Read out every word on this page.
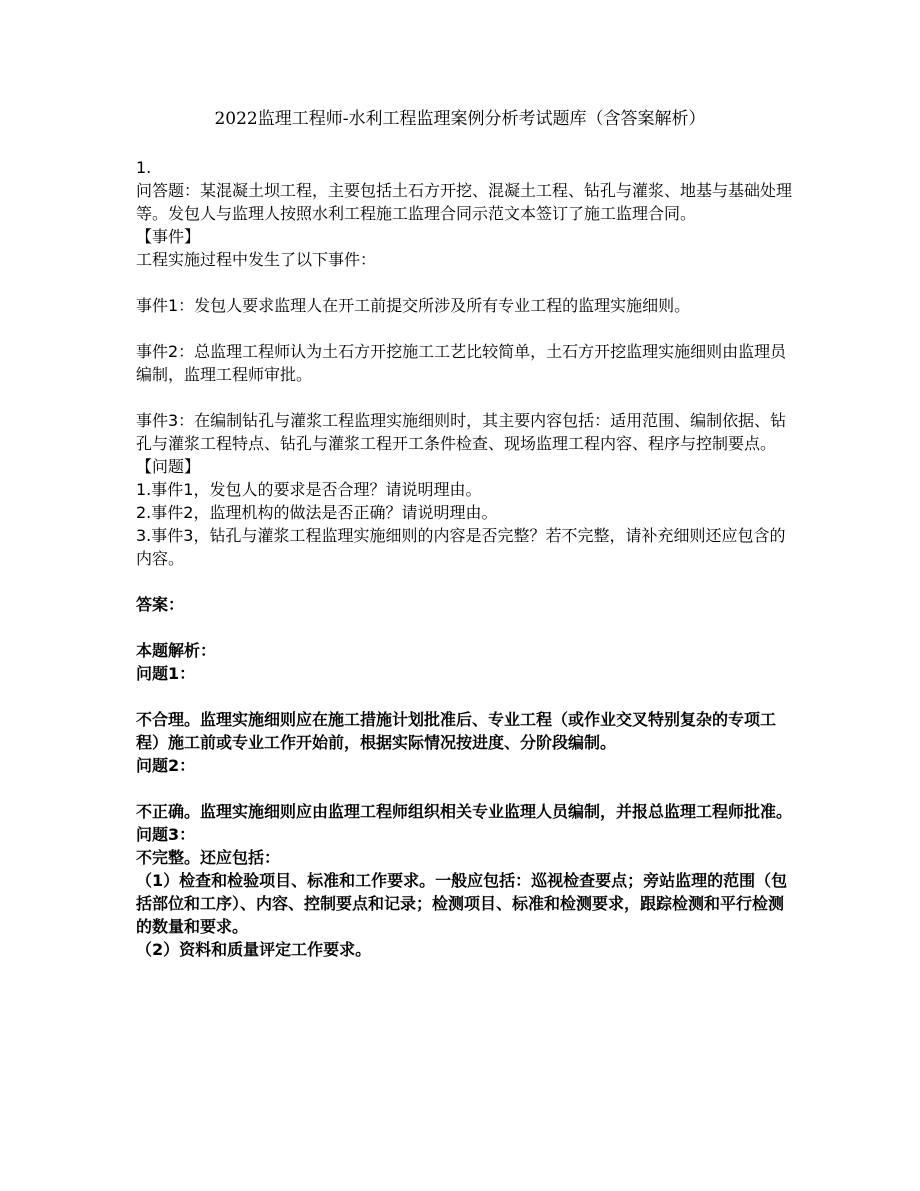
2022监理工程师-水利工程监理案例分析考试题库（含答案解析）

1.

问答题：某混凝土坝工程，主要包括土石方开挖、混凝土工程、钻孔与灌浆、地基与基础处理等。发包人与监理人按照水利工程施工监理合同示范文本签订了施工监理合同。

【事件】

工程实施过程中发生了以下事件：

事件1：发包人要求监理人在开工前提交所涉及所有专业工程的监理实施细则。

事件2：总监理工程师认为土石方开挖施工工艺比较简单，土石方开挖监理实施细则由监理员编制，监理工程师审批。

事件3：在编制钻孔与灌浆工程监理实施细则时，其主要内容包括：适用范围、编制依据、钻孔与灌浆工程特点、钻孔与灌浆工程开工条件检查、现场监理工程内容、程序与控制要点。

【问题】

1.事件1，发包人的要求是否合理？请说明理由。

2.事件2，监理机构的做法是否正确？请说明理由。

3.事件3，钻孔与灌浆工程监理实施细则的内容是否完整？若不完整，请补充细则还应包含的内容。

答案：

本题解析：

问题1：

不合理。监理实施细则应在施工措施计划批准后、专业工程（或作业交叉特别复杂的专项工程）施工前或专业工作开始前，根据实际情况按进度、分阶段编制。

问题2：

不正确。监理实施细则应由监理工程师组织相关专业监理人员编制，并报总监理工程师批准。

问题3：

不完整。还应包括：

（1）检查和检验项目、标准和工作要求。一般应包括：巡视检查要点；旁站监理的范围（包括部位和工序）、内容、控制要点和记录；检测项目、标准和检测要求，跟踪检测和平行检测的数量和要求。

（2）资料和质量评定工作要求。
